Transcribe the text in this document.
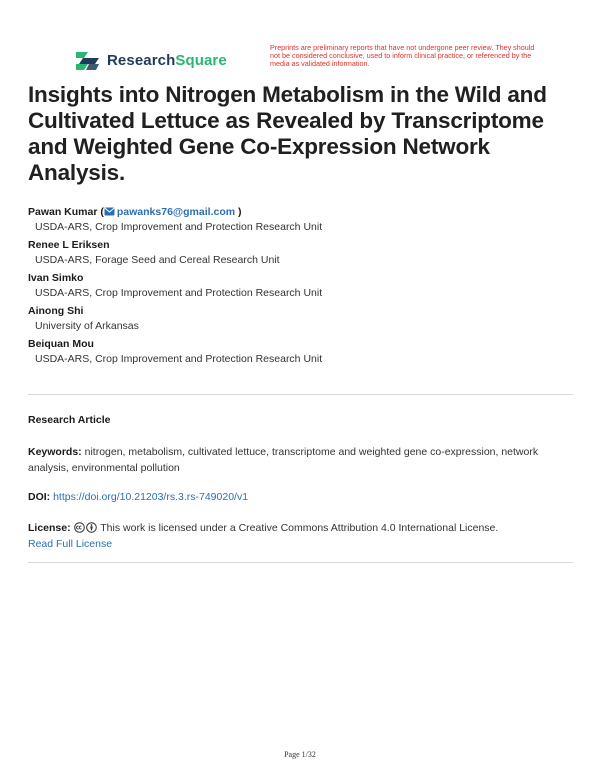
ResearchSquare
Preprints are preliminary reports that have not undergone peer review. They should not be considered conclusive, used to inform clinical practice, or referenced by the media as validated information.
Insights into Nitrogen Metabolism in the Wild and Cultivated Lettuce as Revealed by Transcriptome and Weighted Gene Co-Expression Network Analysis.
Pawan Kumar ( pawanks76@gmail.com )
USDA-ARS, Crop Improvement and Protection Research Unit
Renee L Eriksen
USDA-ARS, Forage Seed and Cereal Research Unit
Ivan Simko
USDA-ARS, Crop Improvement and Protection Research Unit
Ainong Shi
University of Arkansas
Beiquan Mou
USDA-ARS, Crop Improvement and Protection Research Unit
Research Article
Keywords: nitrogen, metabolism, cultivated lettuce, transcriptome and weighted gene co-expression, network analysis, environmental pollution
DOI: https://doi.org/10.21203/rs.3.rs-749020/v1
License:	This work is licensed under a Creative Commons Attribution 4.0 International License.
Read Full License
Page 1/32
